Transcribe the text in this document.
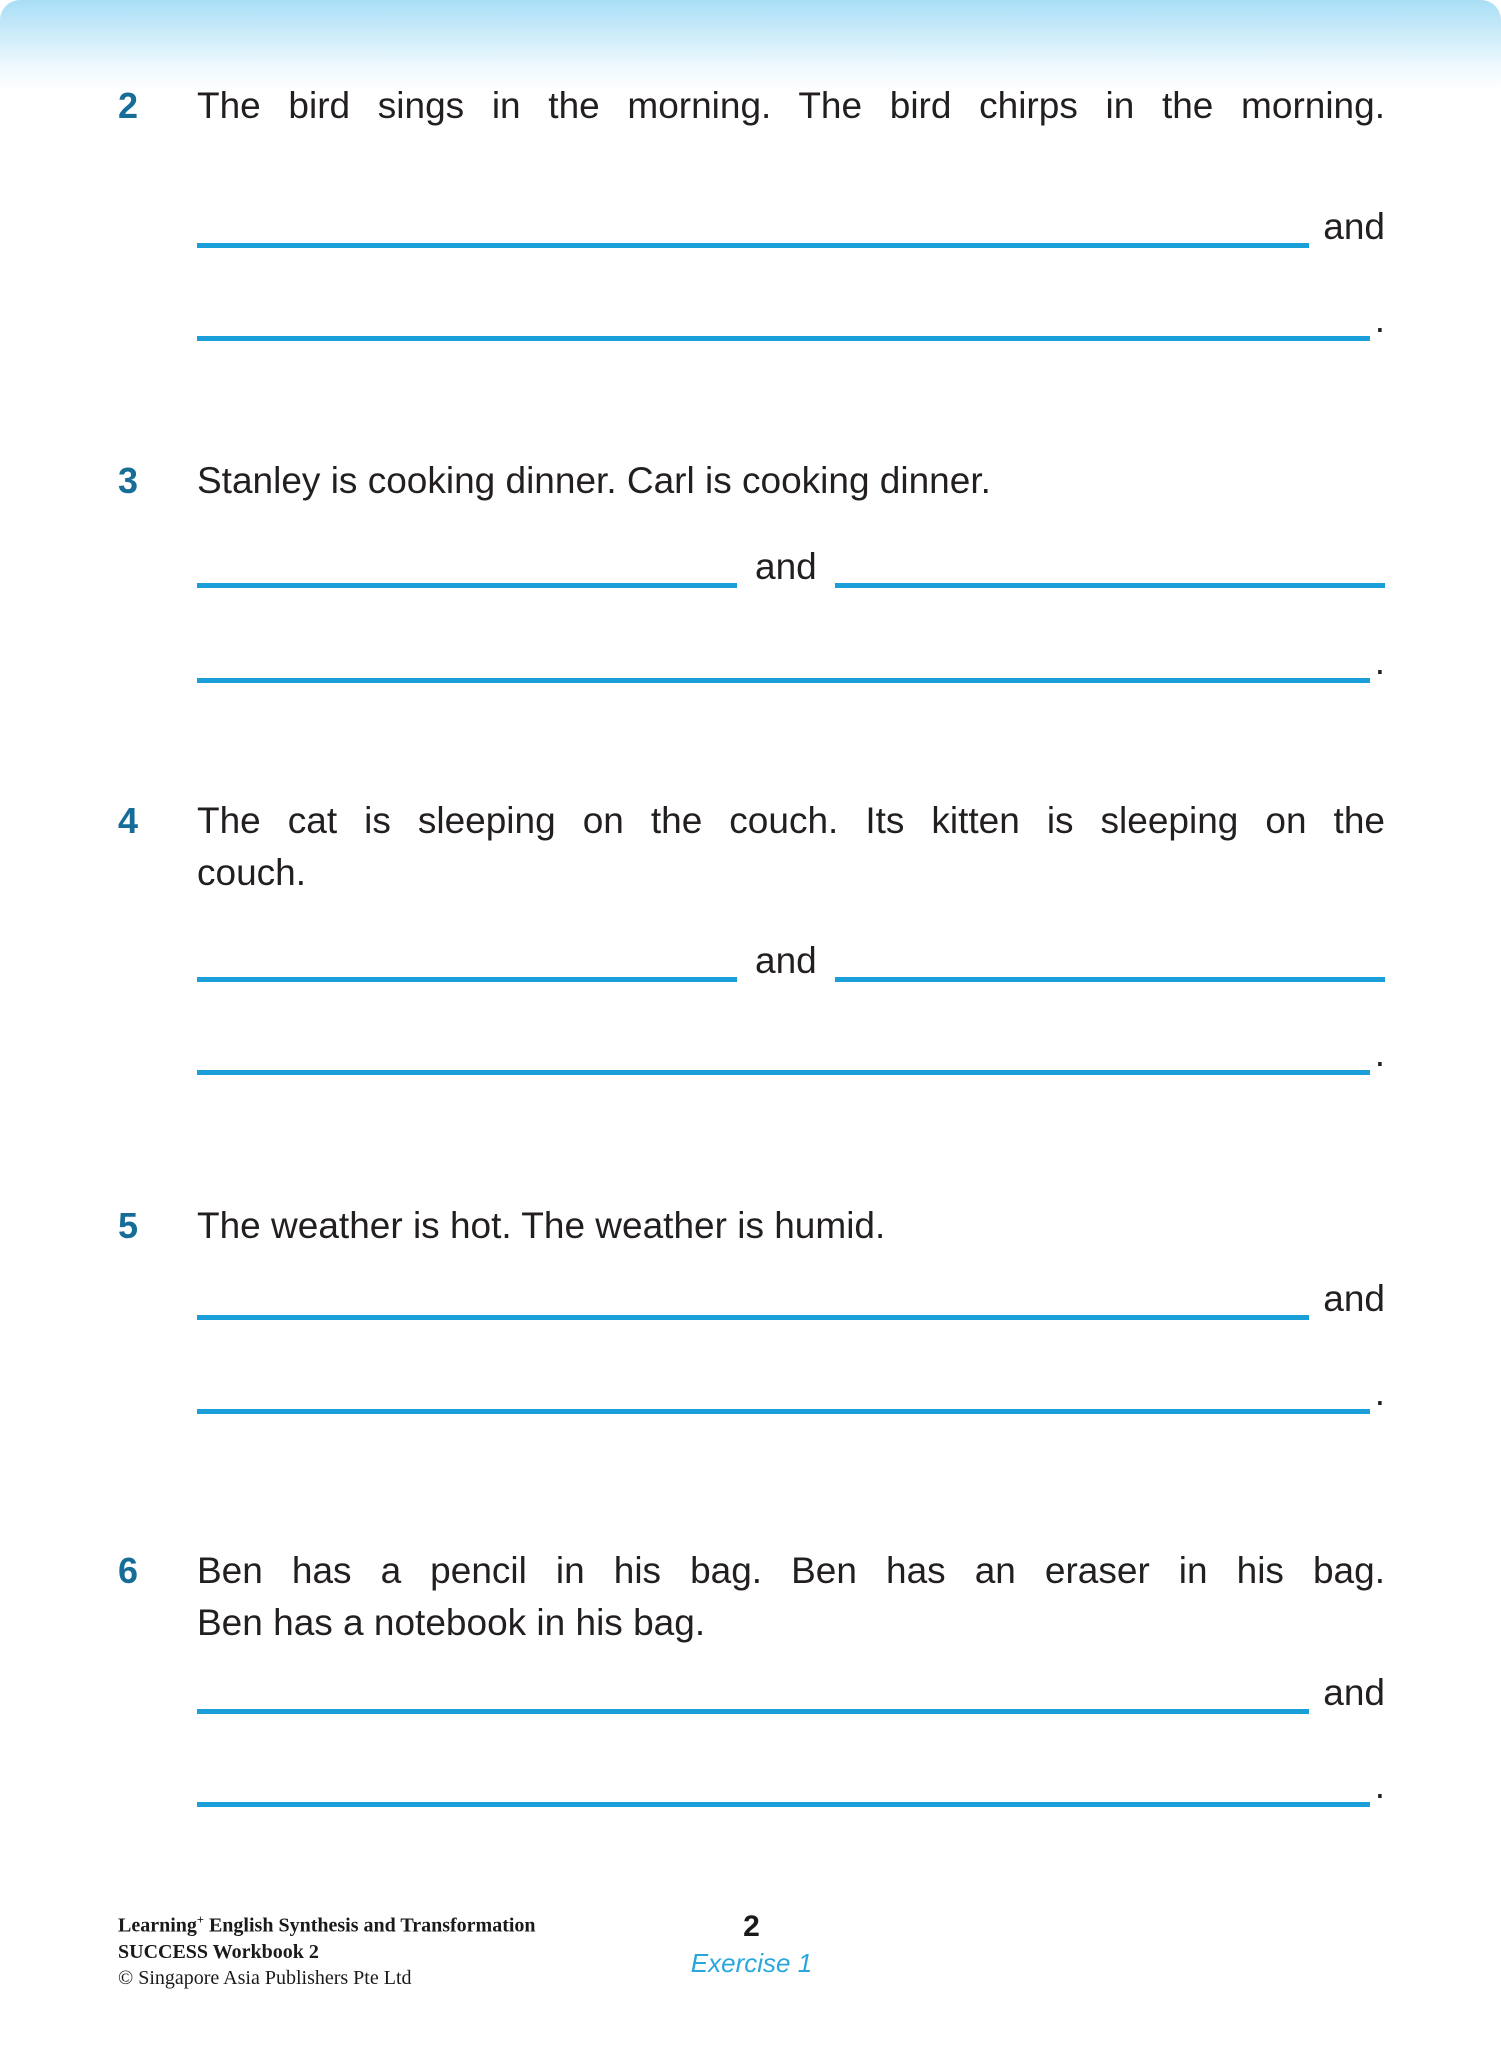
2	The bird sings in the morning. The bird chirps in the morning.
and
.
3	Stanley is cooking dinner. Carl is cooking dinner.
and
.
4	The cat is sleeping on the couch. Its kitten is sleeping on the
couch.
and
.
5	The weather is hot. The weather is humid.
and
.
6	Ben has a pencil in his bag. Ben has an eraser in his bag.
Ben has a notebook in his bag.
and
.
Learning+ English Synthesis and Transformation
SUCCESS Workbook 2
© Singapore Asia Publishers Pte Ltd
2
Exercise 1
